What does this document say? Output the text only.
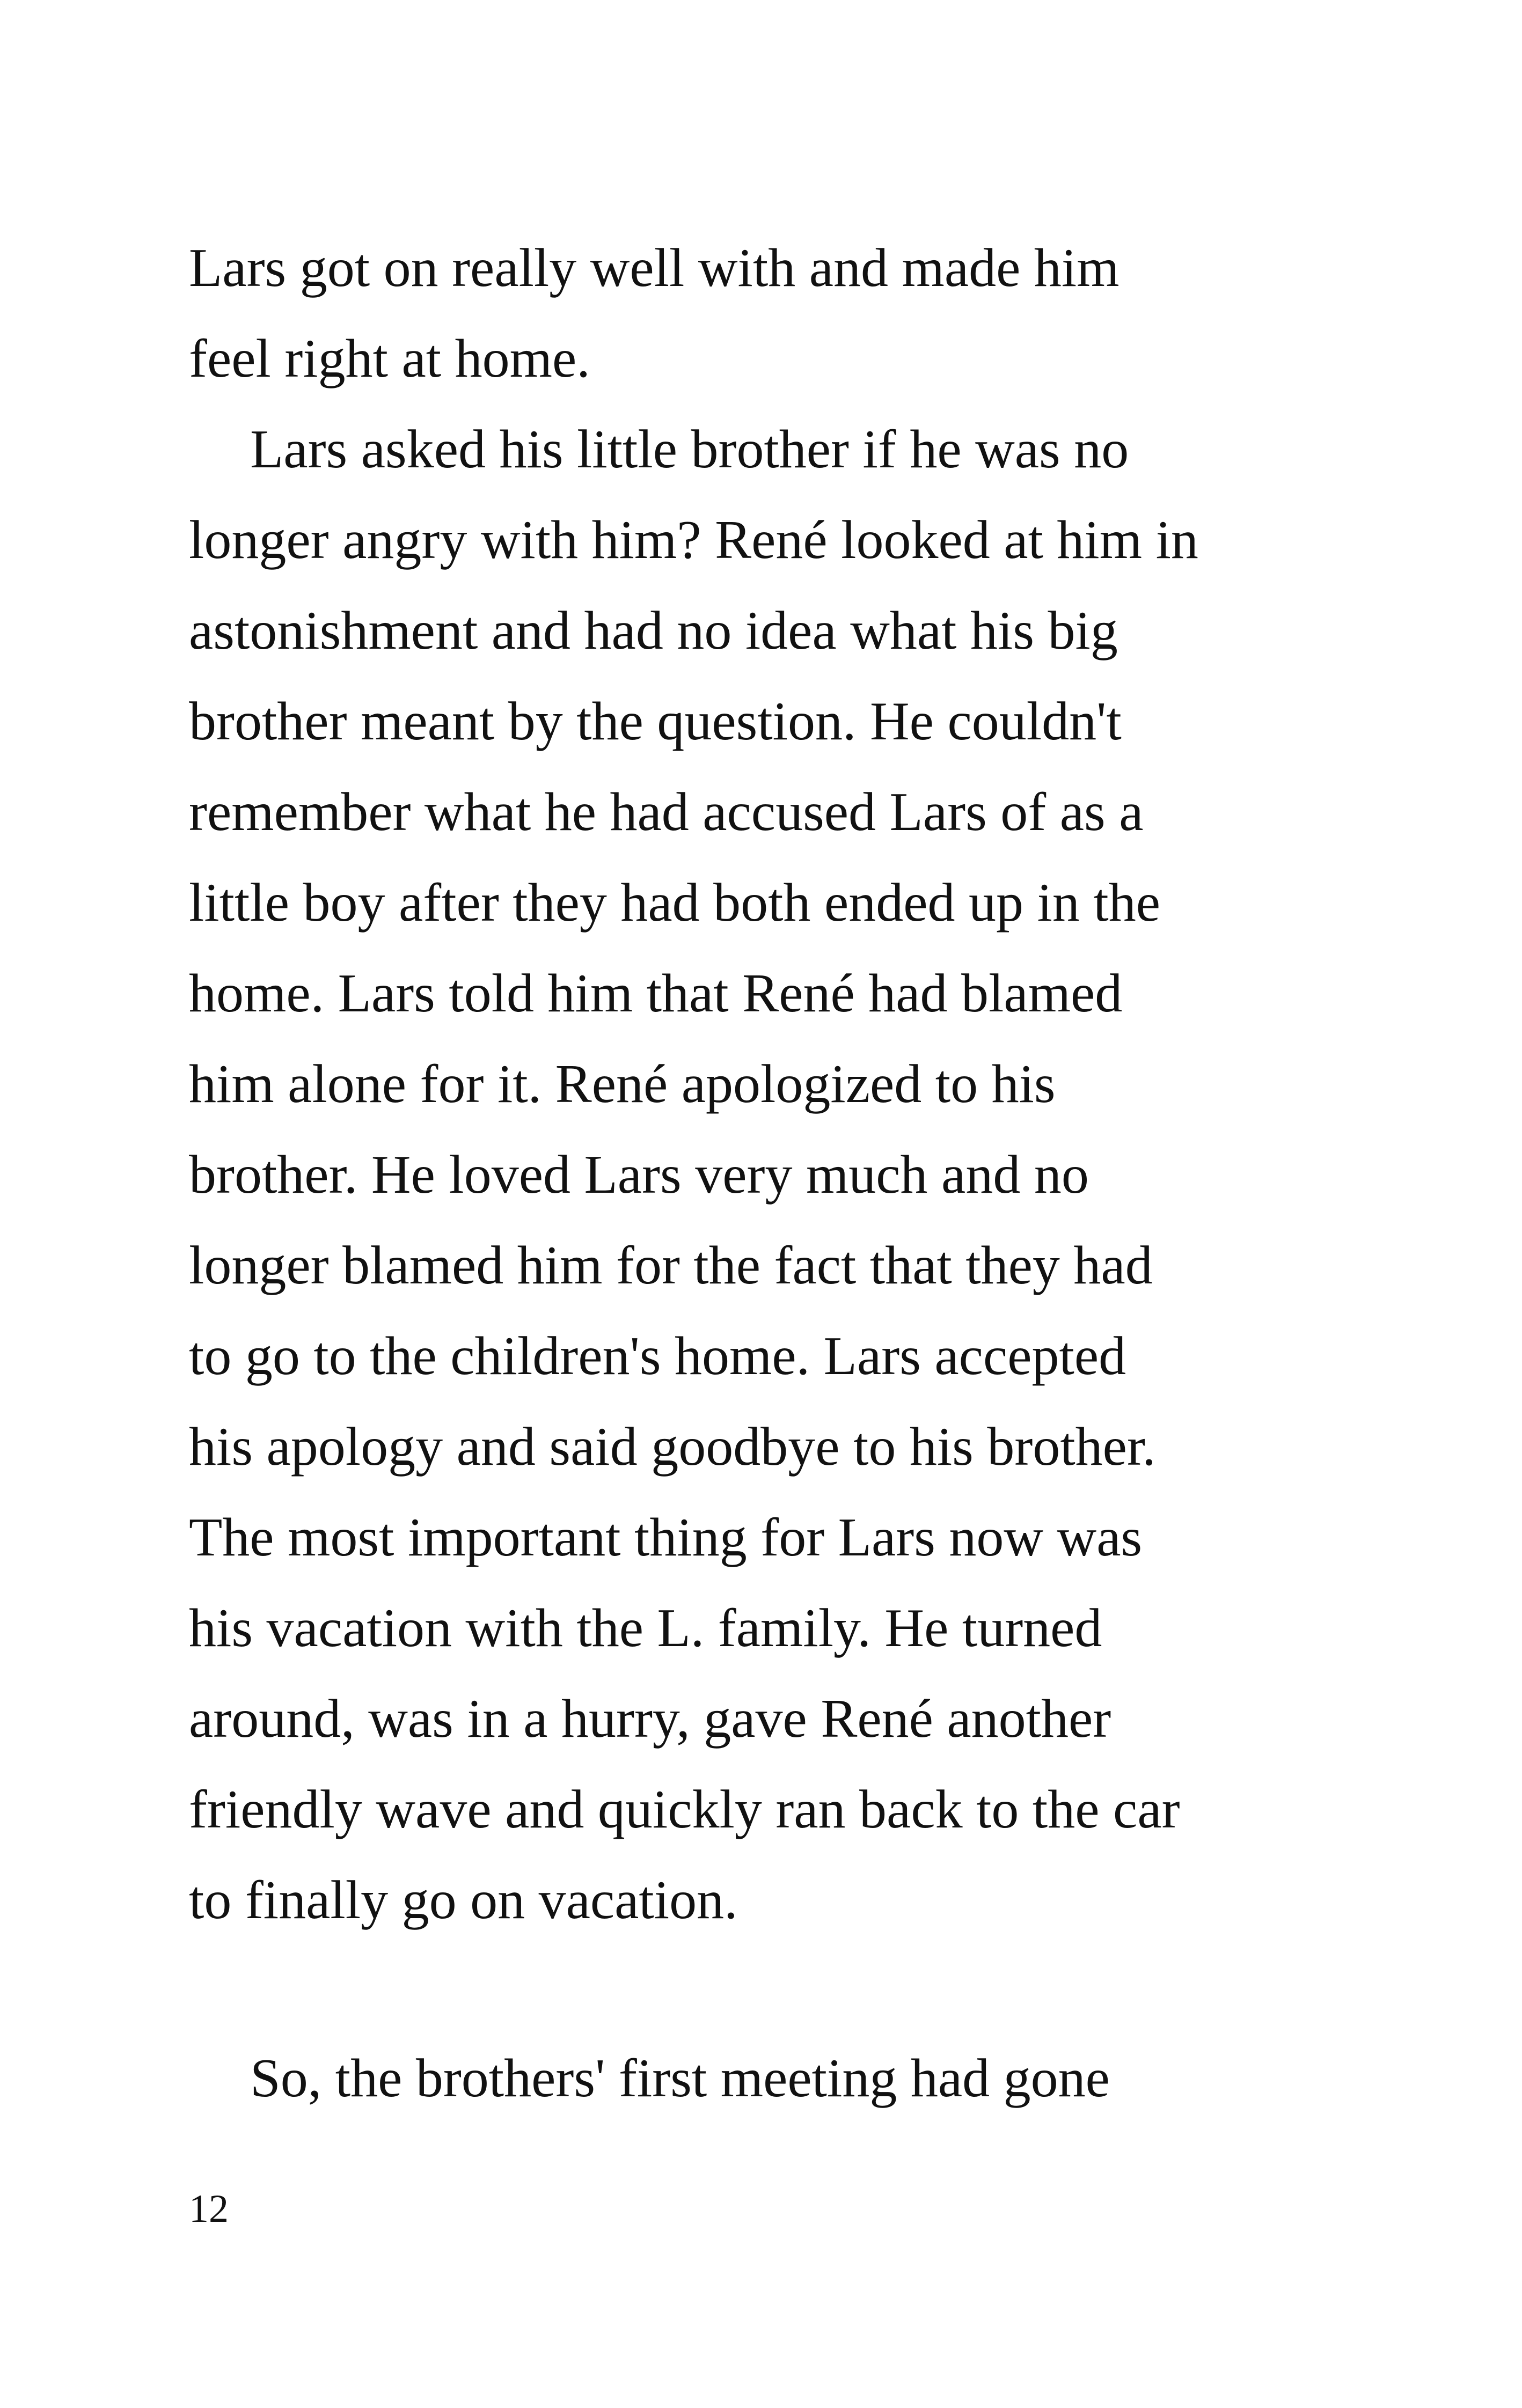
Lars got on really well with and made him
feel right at home.
Lars asked his little brother if he was no
longer angry with him? René looked at him in
astonishment and had no idea what his big
brother meant by the question. He couldn't
remember what he had accused Lars of as a
little boy after they had both ended up in the
home. Lars told him that René had blamed
him alone for it. René apologized to his
brother. He loved Lars very much and no
longer blamed him for the fact that they had
to go to the children's home. Lars accepted
his apology and said goodbye to his brother.
The most important thing for Lars now was
his vacation with the L. family. He turned
around, was in a hurry, gave René another
friendly wave and quickly ran back to the car
to finally go on vacation.
So, the brothers' first meeting had gone
12
